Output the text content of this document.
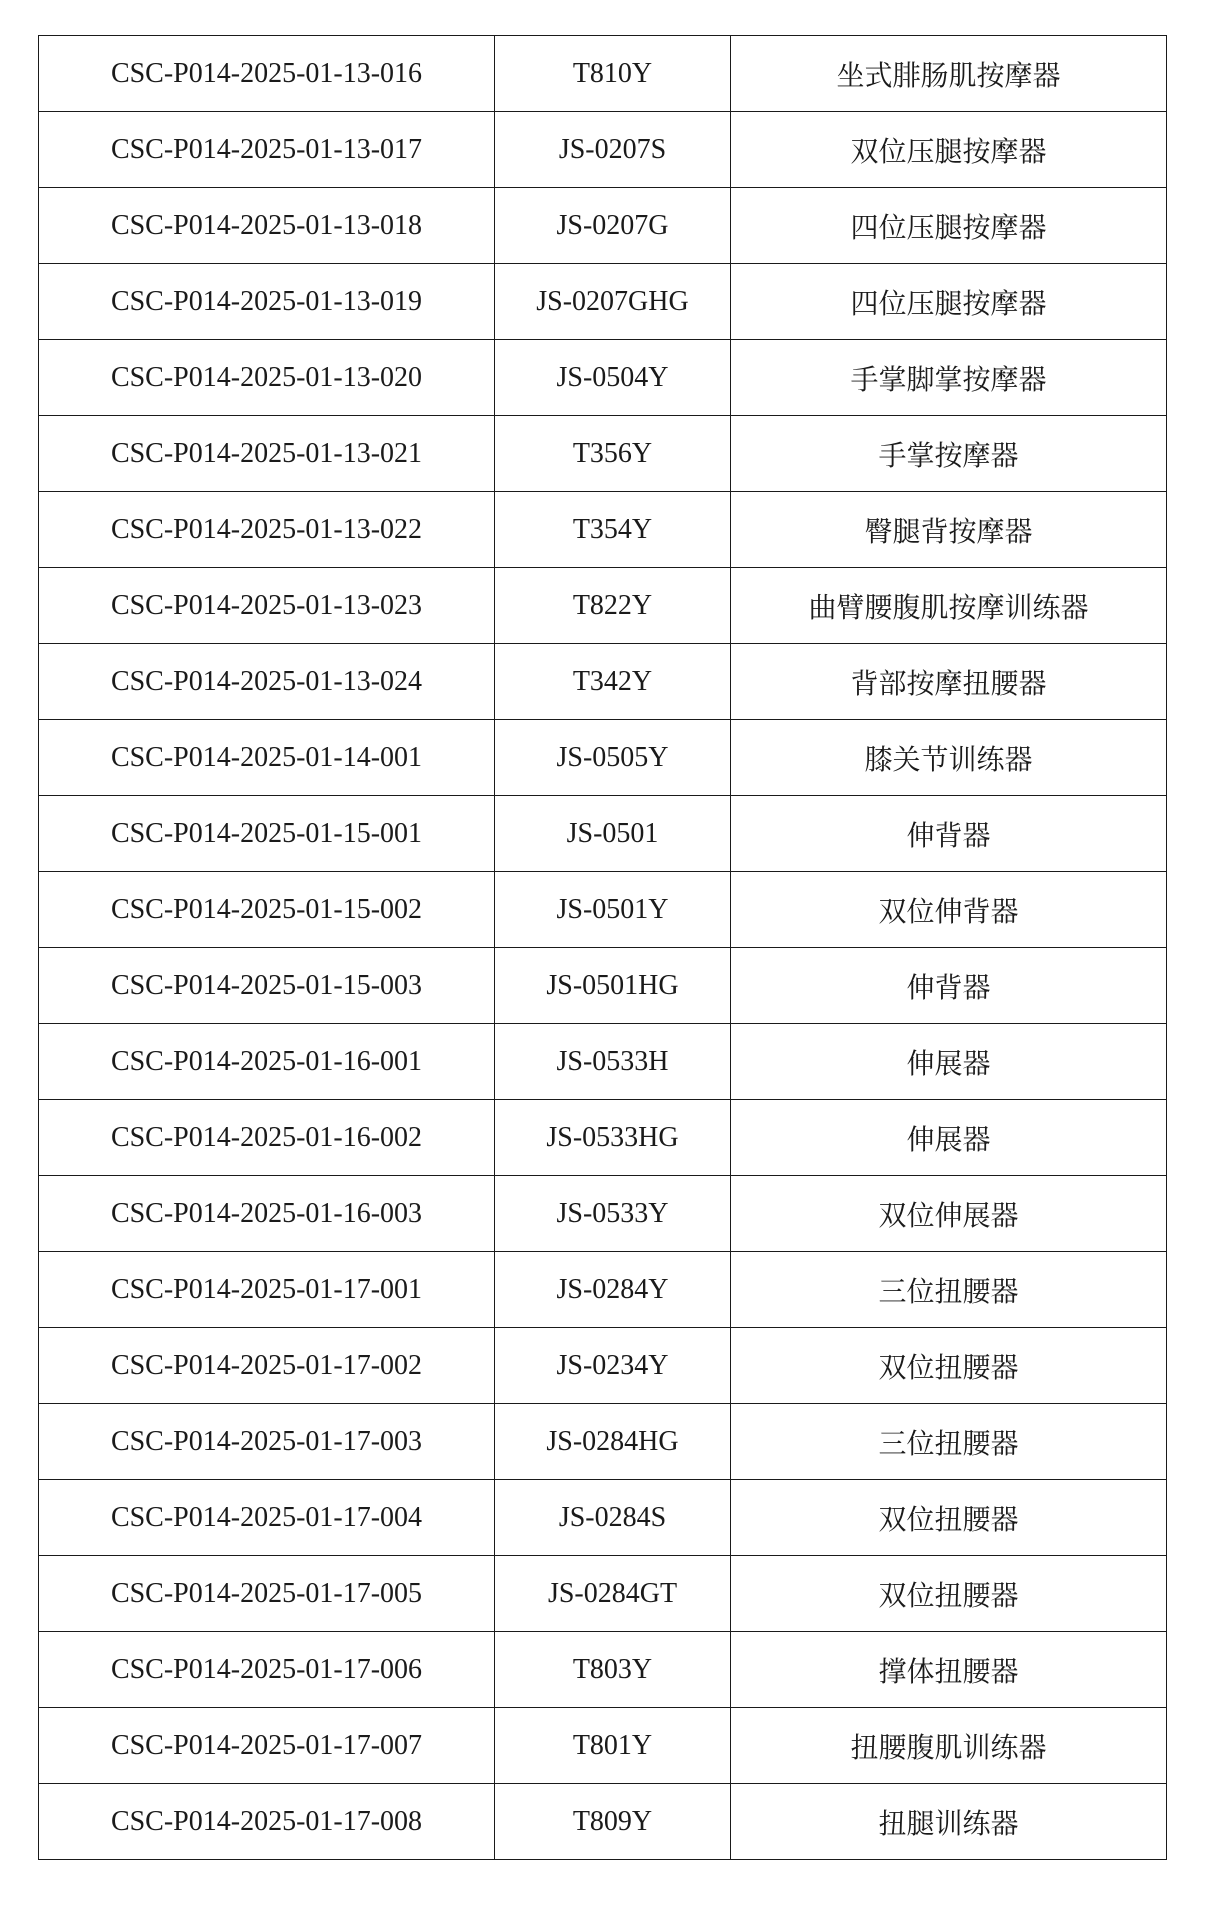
CSC-P014-2025-01-13-016	T810Y	坐式腓肠肌按摩器
CSC-P014-2025-01-13-017	JS-0207S	双位压腿按摩器
CSC-P014-2025-01-13-018	JS-0207G	四位压腿按摩器
CSC-P014-2025-01-13-019	JS-0207GHG	四位压腿按摩器
CSC-P014-2025-01-13-020	JS-0504Y	手掌脚掌按摩器
CSC-P014-2025-01-13-021	T356Y	手掌按摩器
CSC-P014-2025-01-13-022	T354Y	臀腿背按摩器
CSC-P014-2025-01-13-023	T822Y	曲臂腰腹肌按摩训练器
CSC-P014-2025-01-13-024	T342Y	背部按摩扭腰器
CSC-P014-2025-01-14-001	JS-0505Y	膝关节训练器
CSC-P014-2025-01-15-001	JS-0501	伸背器
CSC-P014-2025-01-15-002	JS-0501Y	双位伸背器
CSC-P014-2025-01-15-003	JS-0501HG	伸背器
CSC-P014-2025-01-16-001	JS-0533H	伸展器
CSC-P014-2025-01-16-002	JS-0533HG	伸展器
CSC-P014-2025-01-16-003	JS-0533Y	双位伸展器
CSC-P014-2025-01-17-001	JS-0284Y	三位扭腰器
CSC-P014-2025-01-17-002	JS-0234Y	双位扭腰器
CSC-P014-2025-01-17-003	JS-0284HG	三位扭腰器
CSC-P014-2025-01-17-004	JS-0284S	双位扭腰器
CSC-P014-2025-01-17-005	JS-0284GT	双位扭腰器
CSC-P014-2025-01-17-006	T803Y	撑体扭腰器
CSC-P014-2025-01-17-007	T801Y	扭腰腹肌训练器
CSC-P014-2025-01-17-008	T809Y	扭腿训练器
